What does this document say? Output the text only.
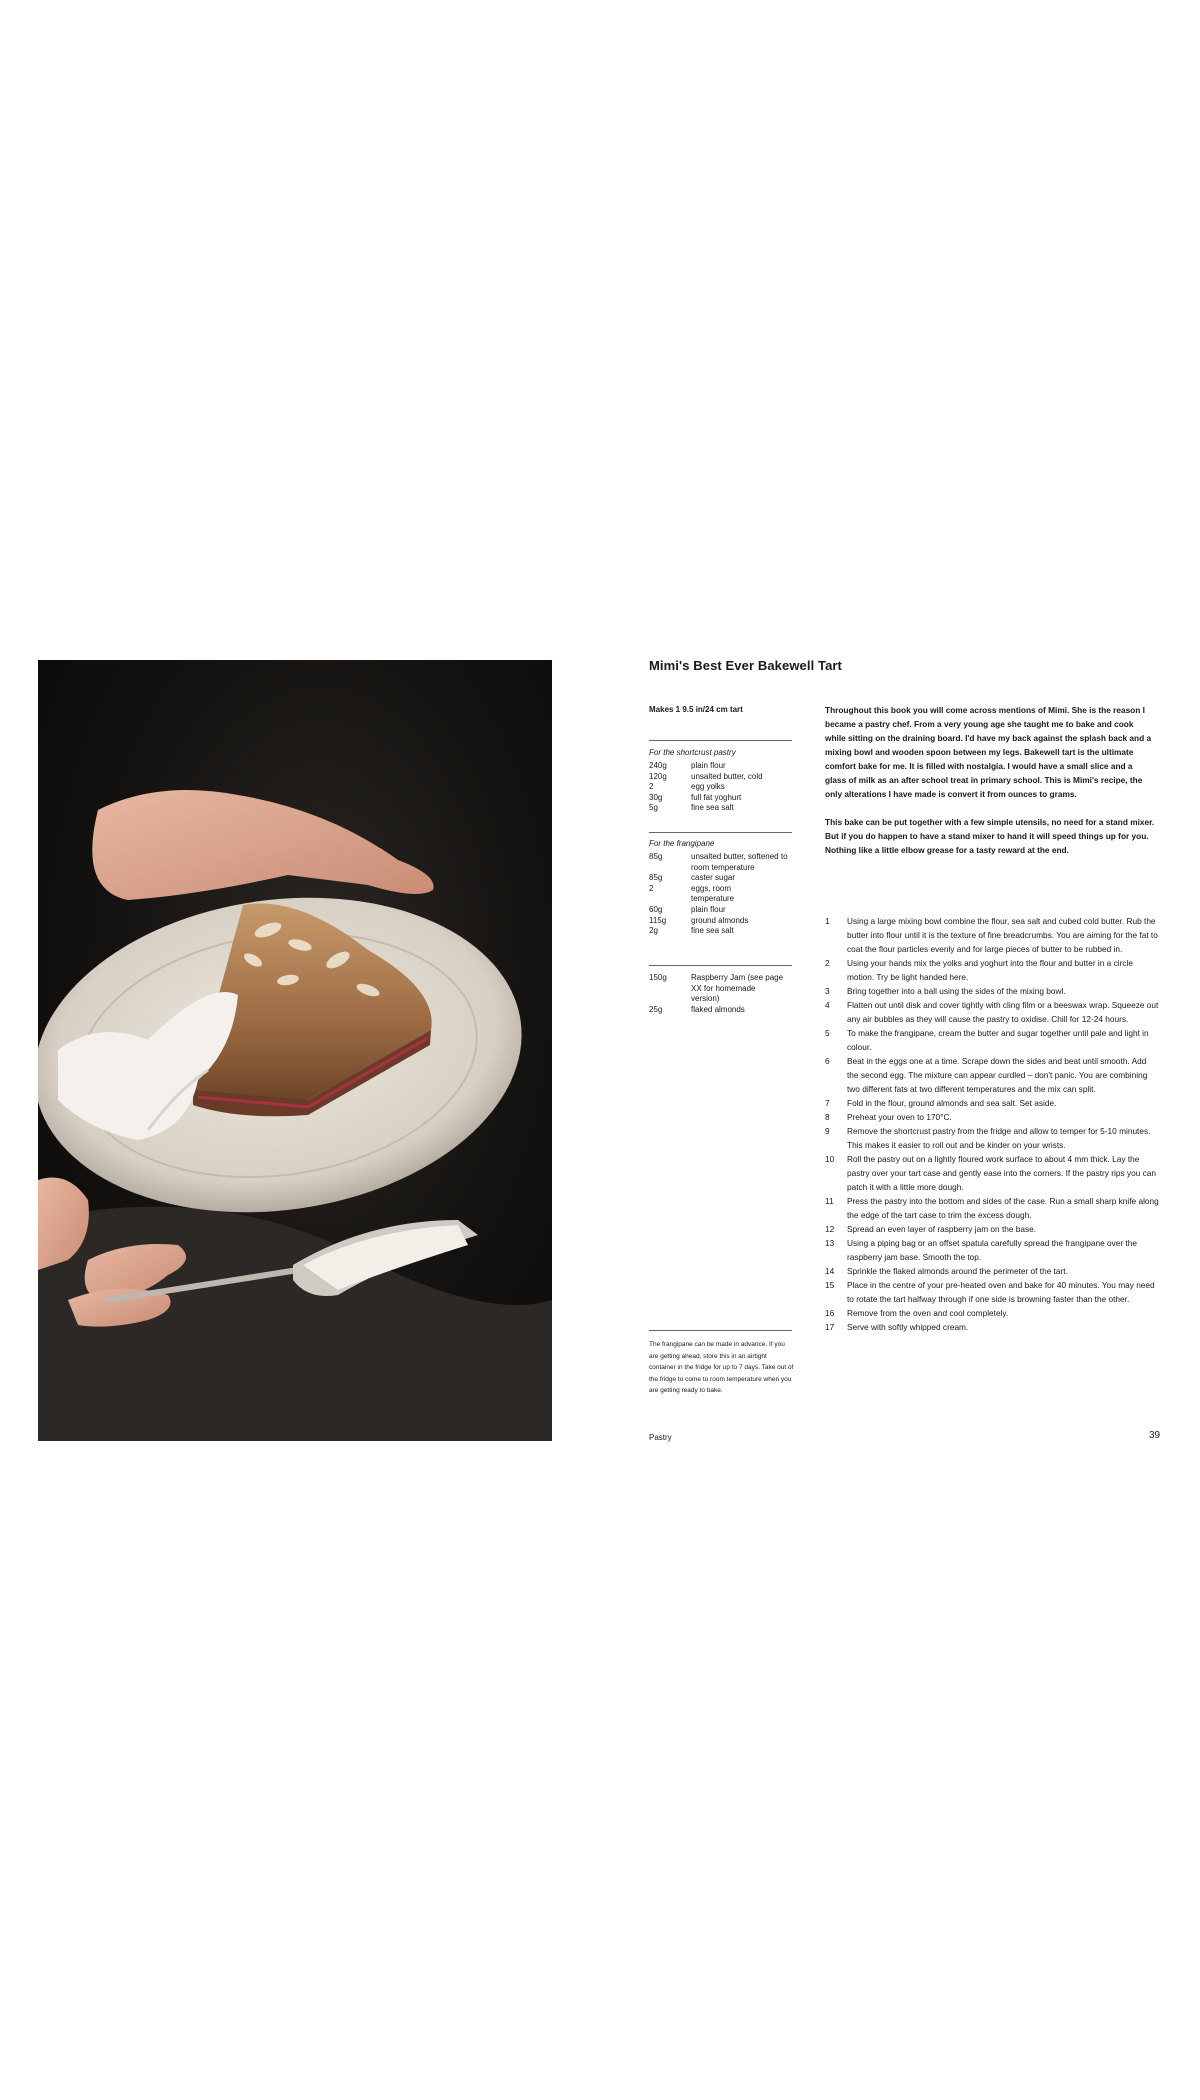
Mimi's Best Ever Bakewell Tart
Makes 1 9.5 in/24 cm tart
For the shortcrust pastry
240g	plain flour
120g	unsalted butter, cold
2	egg yolks
30g	full fat yoghurt
5g	fine sea salt
For the frangipane
85g	unsalted butter, softened to room temperature
85g	caster sugar
2	eggs, room temperature
60g	plain flour
115g	ground almonds
2g	fine sea salt
150g	Raspberry Jam (see page XX for homemade version)
25g	flaked almonds

Throughout this book you will come across mentions of Mimi. She is the reason I became a pastry chef. From a very young age she taught me to bake and cook while sitting on the draining board. I'd have my back against the splash back and a mixing bowl and wooden spoon between my legs. Bakewell tart is the ultimate comfort bake for me. It is filled with nostalgia. I would have a small slice and a glass of milk as an after school treat in primary school. This is Mimi's recipe, the only alterations I have made is convert it from ounces to grams.

This bake can be put together with a few simple utensils, no need for a stand mixer. But if you do happen to have a stand mixer to hand it will speed things up for you. Nothing like a little elbow grease for a tasty reward at the end.

1	Using a large mixing bowl combine the flour, sea salt and cubed cold butter. Rub the butter into flour until it is the texture of fine breadcrumbs. You are aiming for the fat to coat the flour particles evenly and for large pieces of butter to be rubbed in.
2	Using your hands mix the yolks and yoghurt into the flour and butter in a circle motion. Try be light handed here.
3	Bring together into a ball using the sides of the mixing bowl.
4	Flatten out until disk and cover tightly with cling film or a beeswax wrap. Squeeze out any air bubbles as they will cause the pastry to oxidise. Chill for 12-24 hours.
5	To make the frangipane, cream the butter and sugar together until pale and light in colour.
6	Beat in the eggs one at a time. Scrape down the sides and beat until smooth. Add the second egg. The mixture can appear curdled – don't panic. You are combining two different fats at two different temperatures and the mix can split.
7	Fold in the flour, ground almonds and sea salt. Set aside.
8	Preheat your oven to 170°C.
9	Remove the shortcrust pastry from the fridge and allow to temper for 5-10 minutes. This makes it easier to roll out and be kinder on your wrists.
10	Roll the pastry out on a lightly floured work surface to about 4 mm thick. Lay the pastry over your tart case and gently ease into the corners. If the pastry rips you can patch it with a little more dough.
11	Press the pastry into the bottom and sides of the case. Run a small sharp knife along the edge of the tart case to trim the excess dough.
12	Spread an even layer of raspberry jam on the base.
13	Using a piping bag or an offset spatula carefully spread the frangipane over the raspberry jam base. Smooth the top.
14	Sprinkle the flaked almonds around the perimeter of the tart.
15	Place in the centre of your pre-heated oven and bake for 40 minutes. You may need to rotate the tart halfway through if one side is browning faster than the other.
16	Remove from the oven and cool completely.
17	Serve with softly whipped cream.
The frangipane can be made in advance. If you are getting ahead, store this in an airtight container in the fridge for up to 7 days. Take out of the fridge to come to room temperature when you are getting ready to bake.
Pastry	39
